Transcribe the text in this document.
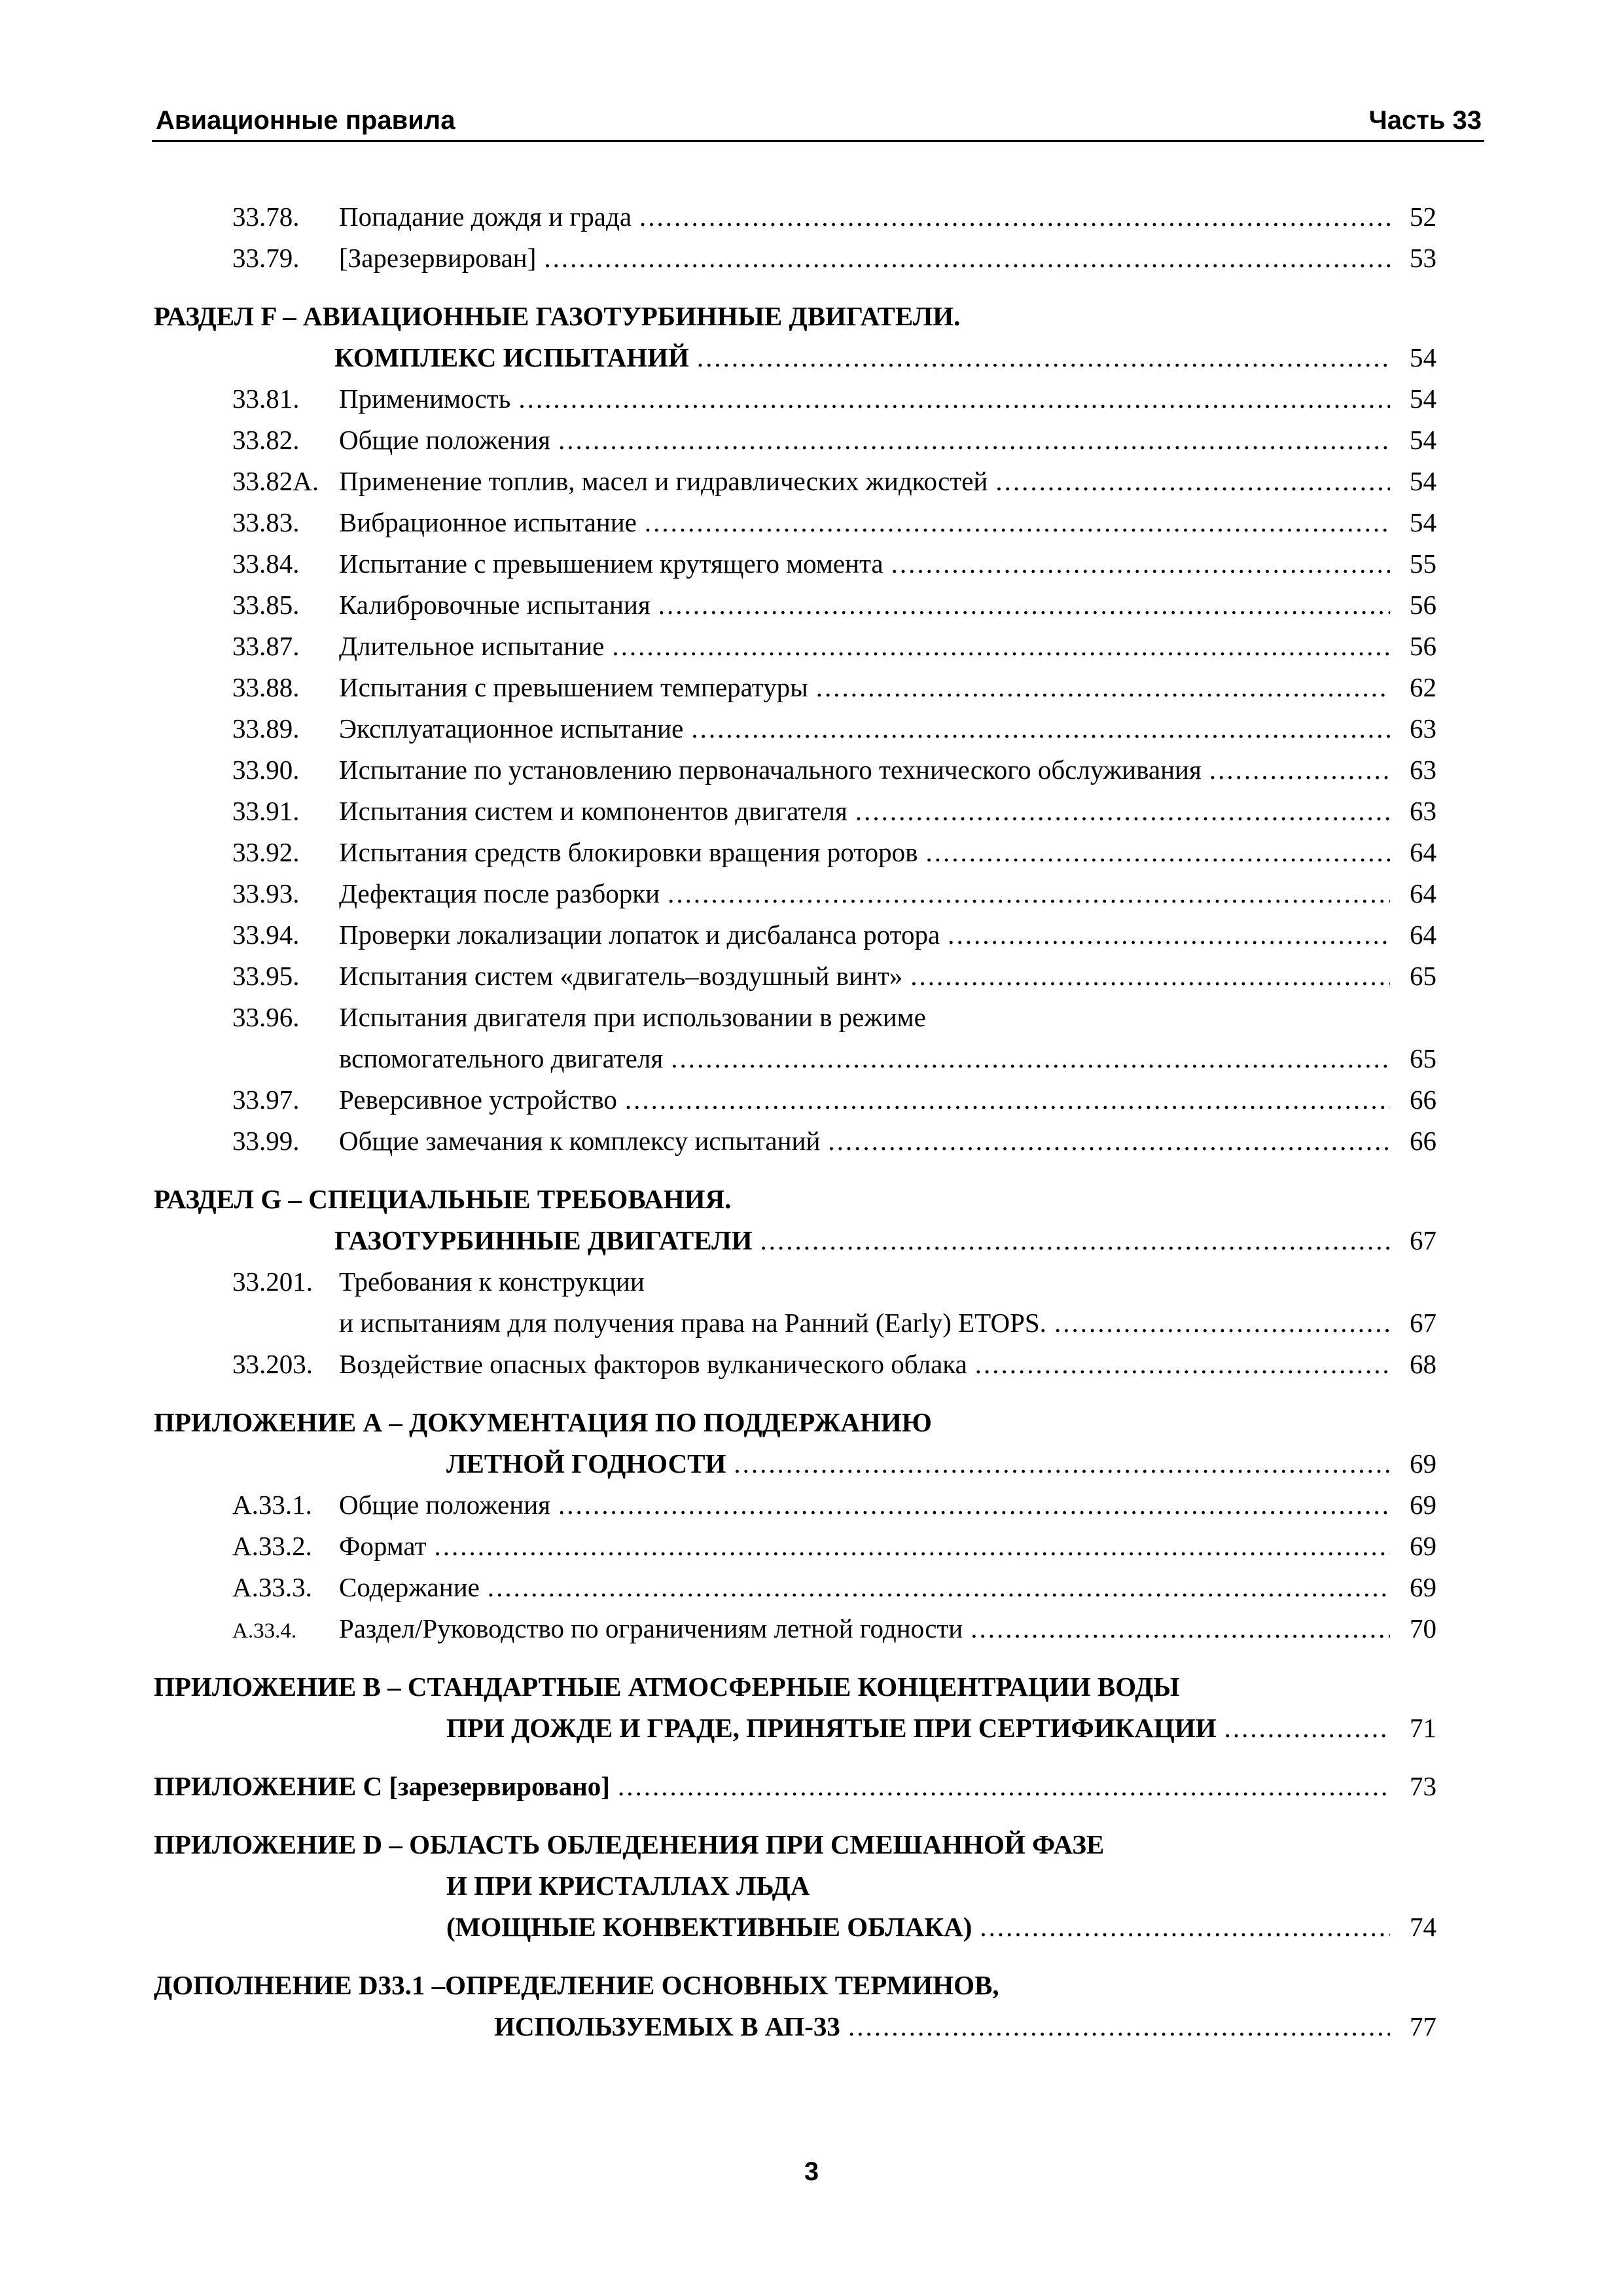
Авиационные правила	Часть 33
33.78.	Попадание дождя и града .....	52
33.79.	[Зарезервирован] .....	53
РАЗДЕЛ F – АВИАЦИОННЫЕ ГАЗОТУРБИННЫЕ ДВИГАТЕЛИ.
КОМПЛЕКС ИСПЫТАНИЙ .....	54
33.81.	Применимость .....	54
33.82.	Общие положения .....	54
33.82A. Применение топлив, масел и гидравлических жидкостей .....	54
33.83.	Вибрационное испытание .....	54
33.84.	Испытание с превышением крутящего момента .....	55
33.85.	Калибровочные испытания .....	56
33.87.	Длительное испытание .....	56
33.88.	Испытания с превышением температуры .....	62
33.89.	Эксплуатационное испытание .....	63
33.90.	Испытание по установлению первоначального технического обслуживания .....	63
33.91.	Испытания систем и компонентов двигателя .....	63
33.92.	Испытания средств блокировки вращения роторов .....	64
33.93.	Дефектация после разборки .....	64
33.94.	Проверки локализации лопаток и дисбаланса ротора .....	64
33.95.	Испытания систем «двигатель–воздушный винт» .....	65
33.96.	Испытания двигателя при использовании в режиме
вспомогательного двигателя .....	65
33.97.	Реверсивное устройство .....	66
33.99.	Общие замечания к комплексу испытаний .....	66
РАЗДЕЛ G – СПЕЦИАЛЬНЫЕ ТРЕБОВАНИЯ.
ГАЗОТУРБИННЫЕ ДВИГАТЕЛИ .....	67
33.201. Требования к конструкции
и испытаниям для получения права на Ранний (Early) ETOPS. .....	67
33.203. Воздействие опасных факторов вулканического облака .....	68
ПРИЛОЖЕНИЕ А – ДОКУМЕНТАЦИЯ ПО ПОДДЕРЖАНИЮ
ЛЕТНОЙ ГОДНОСТИ .....	69
А.33.1.	Общие положения .....	69
А.33.2.	Формат .....	69
А.33.3.	Содержание .....	69
А.33.4.	Раздел/Руководство по ограничениям летной годности .....	70
ПРИЛОЖЕНИЕ В – СТАНДАРТНЫЕ АТМОСФЕРНЫЕ КОНЦЕНТРАЦИИ ВОДЫ
ПРИ ДОЖДЕ И ГРАДЕ, ПРИНЯТЫЕ ПРИ СЕРТИФИКАЦИИ .....	71
ПРИЛОЖЕНИЕ С [зарезервировано] .....	73
ПРИЛОЖЕНИЕ D – ОБЛАСТЬ ОБЛЕДЕНЕНИЯ ПРИ СМЕШАННОЙ ФАЗЕ
И ПРИ КРИСТАЛЛАХ ЛЬДА
(МОЩНЫЕ КОНВЕКТИВНЫЕ ОБЛАКА) .....	74
ДОПОЛНЕНИЕ D33.1 –ОПРЕДЕЛЕНИЕ ОСНОВНЫХ ТЕРМИНОВ,
ИСПОЛЬЗУЕМЫХ В АП-33 .....	77
3
